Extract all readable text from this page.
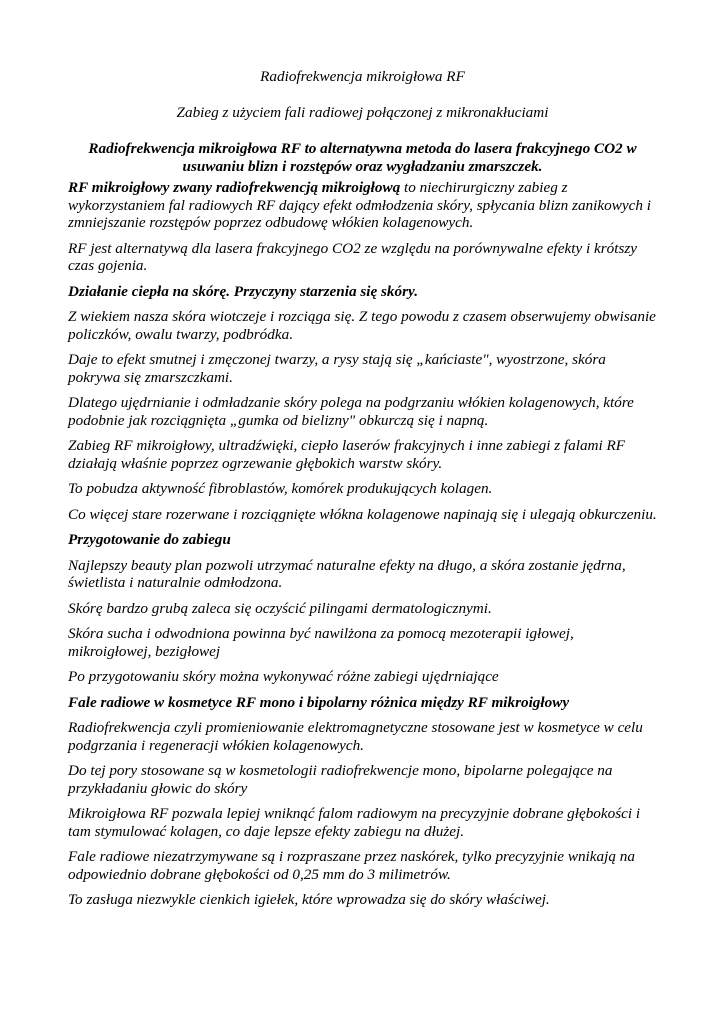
Radiofrekwencja mikroigłowa RF
Zabieg z użyciem fali radiowej połączonej z mikronakłuciami
Radiofrekwencja mikroigłowa RF to alternatywna metoda do lasera frakcyjnego CO2 w usuwaniu blizn i rozstępów oraz wygładzaniu zmarszczek.

RF mikroigłowy zwany radiofrekwencją mikroigłową to niechirurgiczny zabieg z wykorzystaniem fal radiowych RF dający efekt odmłodzenia skóry, spłycania blizn zanikowych i zmniejszanie rozstępów poprzez odbudowę włókien kolagenowych.

RF jest alternatywą dla lasera frakcyjnego CO2 ze względu na porównywalne efekty i krótszy czas gojenia.

Działanie ciepła na skórę. Przyczyny starzenia się skóry.

Z wiekiem nasza skóra wiotczeje i rozciąga się. Z tego powodu z czasem obserwujemy obwisanie policzków, owalu twarzy, podbródka.

Daje to efekt smutnej i zmęczonej twarzy, a rysy stają się „kańciaste", wyostrzone, skóra pokrywa się zmarszczkami.

Dlatego ujędrnianie i odmładzanie skóry polega na podgrzaniu włókien kolagenowych, które podobnie jak rozciągnięta „gumka od bielizny" obkurczą się i napną.

Zabieg RF mikroigłowy, ultradźwięki, ciepło laserów frakcyjnych i inne zabiegi z falami RF działają właśnie poprzez ogrzewanie głębokich warstw skóry.

To pobudza aktywność fibroblastów, komórek produkujących kolagen.

Co więcej stare rozerwane i rozciągnięte włókna kolagenowe napinają się i ulegają obkurczeniu.

Przygotowanie do zabiegu

Najlepszy beauty plan pozwoli utrzymać naturalne efekty na długo, a skóra zostanie jędrna, świetlista i naturalnie odmłodzona.

Skórę bardzo grubą zaleca się oczyścić pilingami dermatologicznymi.

Skóra sucha i odwodniona powinna być nawilżona za pomocą mezoterapii igłowej, mikroigłowej, bezigłowej

Po przygotowaniu skóry można wykonywać różne zabiegi ujędrniające

Fale radiowe w kosmetyce RF mono i bipolarny różnica między RF mikroigłowy

Radiofrekwencja czyli promieniowanie elektromagnetyczne stosowane jest w kosmetyce w celu podgrzania i regeneracji włókien kolagenowych.

Do tej pory stosowane są w kosmetologii radiofrekwencje mono, bipolarne polegające na przykładaniu głowic do skóry

Mikroigłowa RF pozwala lepiej wniknąć falom radiowym na precyzyjnie dobrane głębokości i tam stymulować kolagen, co daje lepsze efekty zabiegu na dłużej.

Fale radiowe niezatrzymywane są i rozpraszane przez naskórek, tylko precyzyjnie wnikają na odpowiednio dobrane głębokości od 0,25 mm do 3 milimetrów.

To zasługa niezwykle cienkich igiełek, które wprowadza się do skóry właściwej.
